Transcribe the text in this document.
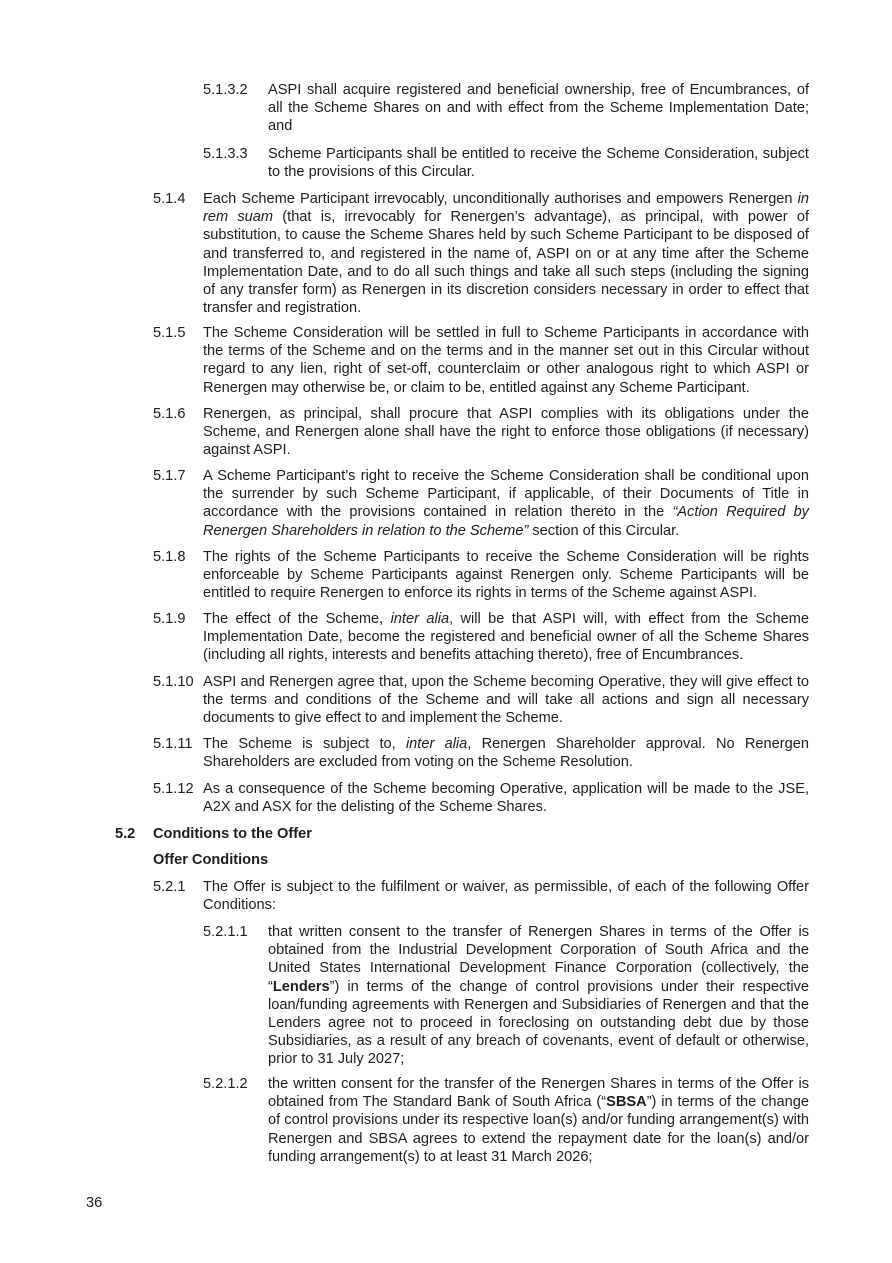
5.1.3.2	ASPI shall acquire registered and beneficial ownership, free of Encumbrances, of all the Scheme Shares on and with effect from the Scheme Implementation Date; and
5.1.3.3	Scheme Participants shall be entitled to receive the Scheme Consideration, subject to the provisions of this Circular.
5.1.4	Each Scheme Participant irrevocably, unconditionally authorises and empowers Renergen in rem suam (that is, irrevocably for Renergen’s advantage), as principal, with power of substitution, to cause the Scheme Shares held by such Scheme Participant to be disposed of and transferred to, and registered in the name of, ASPI on or at any time after the Scheme Implementation Date, and to do all such things and take all such steps (including the signing of any transfer form) as Renergen in its discretion considers necessary in order to effect that transfer and registration.
5.1.5	The Scheme Consideration will be settled in full to Scheme Participants in accordance with the terms of the Scheme and on the terms and in the manner set out in this Circular without regard to any lien, right of set-off, counterclaim or other analogous right to which ASPI or Renergen may otherwise be, or claim to be, entitled against any Scheme Participant.
5.1.6	Renergen, as principal, shall procure that ASPI complies with its obligations under the Scheme, and Renergen alone shall have the right to enforce those obligations (if necessary) against ASPI.
5.1.7	A Scheme Participant’s right to receive the Scheme Consideration shall be conditional upon the surrender by such Scheme Participant, if applicable, of their Documents of Title in accordance with the provisions contained in relation thereto in the “Action Required by Renergen Shareholders in relation to the Scheme” section of this Circular.
5.1.8	The rights of the Scheme Participants to receive the Scheme Consideration will be rights enforceable by Scheme Participants against Renergen only. Scheme Participants will be entitled to require Renergen to enforce its rights in terms of the Scheme against ASPI.
5.1.9	The effect of the Scheme, inter alia, will be that ASPI will, with effect from the Scheme Implementation Date, become the registered and beneficial owner of all the Scheme Shares (including all rights, interests and benefits attaching thereto), free of Encumbrances.
5.1.10 ASPI and Renergen agree that, upon the Scheme becoming Operative, they will give effect to the terms and conditions of the Scheme and will take all actions and sign all necessary documents to give effect to and implement the Scheme.
5.1.11 The Scheme is subject to, inter alia, Renergen Shareholder approval. No Renergen Shareholders are excluded from voting on the Scheme Resolution.
5.1.12 As a consequence of the Scheme becoming Operative, application will be made to the JSE, A2X and ASX for the delisting of the Scheme Shares.
5.2	Conditions to the Offer
Offer Conditions
5.2.1	The Offer is subject to the fulfilment or waiver, as permissible, of each of the following Offer Conditions:
5.2.1.1	that written consent to the transfer of Renergen Shares in terms of the Offer is obtained from the Industrial Development Corporation of South Africa and the United States International Development Finance Corporation (collectively, the “Lenders”) in terms of the change of control provisions under their respective loan/funding agreements with Renergen and Subsidiaries of Renergen and that the Lenders agree not to proceed in foreclosing on outstanding debt due by those Subsidiaries, as a result of any breach of covenants, event of default or otherwise, prior to 31 July 2027;
5.2.1.2	the written consent for the transfer of the Renergen Shares in terms of the Offer is obtained from The Standard Bank of South Africa (“SBSA”) in terms of the change of control provisions under its respective loan(s) and/or funding arrangement(s) with Renergen and SBSA agrees to extend the repayment date for the loan(s) and/or funding arrangement(s) to at least 31 March 2026;
36
